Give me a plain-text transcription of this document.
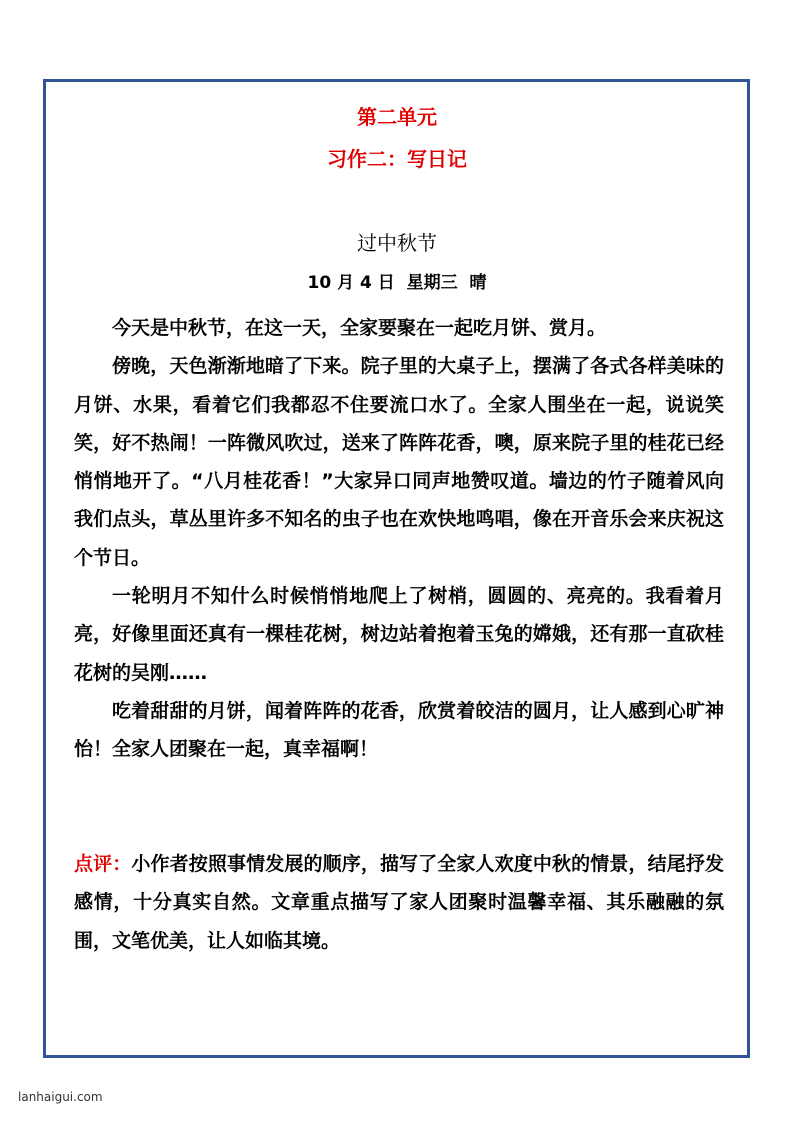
第二单元
习作二：写日记
过中秋节
10 月 4 日  星期三  晴

今天是中秋节，在这一天，全家要聚在一起吃月饼、赏月。

傍晚，天色渐渐地暗了下来。院子里的大桌子上，摆满了各式各样美味的月饼、水果，看着它们我都忍不住要流口水了。全家人围坐在一起，说说笑笑，好不热闹！一阵微风吹过，送来了阵阵花香，噢，原来院子里的桂花已经悄悄地开了。“八月桂花香！”大家异口同声地赞叹道。墙边的竹子随着风向我们点头，草丛里许多不知名的虫子也在欢快地鸣唱，像在开音乐会来庆祝这个节日。

一轮明月不知什么时候悄悄地爬上了树梢，圆圆的、亮亮的。我看着月亮，好像里面还真有一棵桂花树，树边站着抱着玉兔的嫦娥，还有那一直砍桂花树的吴刚……

吃着甜甜的月饼，闻着阵阵的花香，欣赏着皎洁的圆月，让人感到心旷神怡！全家人团聚在一起，真幸福啊！

点评：小作者按照事情发展的顺序，描写了全家人欢度中秋的情景，结尾抒发感情，十分真实自然。文章重点描写了家人团聚时温馨幸福、其乐融融的氛围，文笔优美，让人如临其境。
lanhaigui.com
